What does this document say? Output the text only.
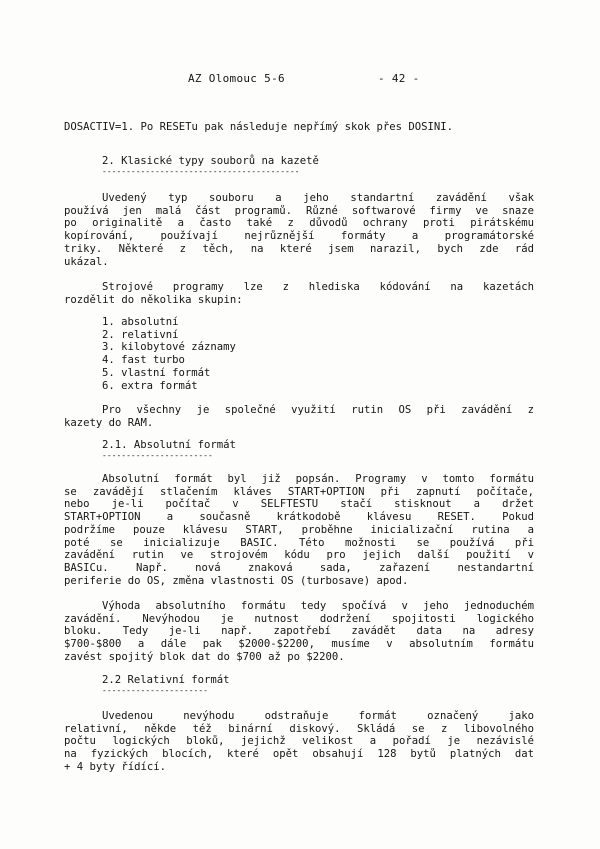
AZ Olomouc 5-6	- 42 -
DOSACTIV=1. Po RESETu pak následuje nepřímý skok přes DOSINI.
2. Klasické typy souborů na kazetě
-----------------------------------------
Uvedený typ souboru a jeho standartní zavádění však
používá jen malá část programů. Různé softwarové firmy ve snaze
po originalitě a často také z důvodů ochrany proti pirátskému
kopírování, používají nejrůznější formáty a programátorské
triky. Některé z těch, na které jsem narazil, bych zde rád
ukázal.
Strojové programy lze z hlediska kódování na kazetách
rozdělit do několika skupin:
1. absolutní
2. relativní
3. kilobytové záznamy
4. fast turbo
5. vlastní formát
6. extra formát
Pro všechny je společné využití rutin OS při zavádění z
kazety do RAM.
2.1. Absolutní formát
-----------------------
Absolutní formát byl již popsán. Programy v tomto formátu
se zavádějí stlačením kláves START+OPTION při zapnutí počítače,
nebo je-li počítač v SELFTESTU stačí stisknout a držet
START+OPTION a současně krátkodobě klávesu RESET. Pokud
podržíme pouze klávesu START, proběhne inicializační rutina a
poté se inicializuje BASIC. Této možnosti se používá při
zavádění rutin ve strojovém kódu pro jejich další použití v
BASICu. Např. nová znaková sada, zařazení nestandartní
periferie do OS, změna vlastnosti OS (turbosave) apod.
Výhoda absolutního formátu tedy spočívá v jeho jednoduchém
zavádění. Nevýhodou je nutnost dodržení spojitosti logického
bloku. Tedy je-li např. zapotřebí zavádět data na adresy
$700-$800 a dále pak $2000-$2200, musíme v absolutním formátu
zavést spojitý blok dat do $700 až po $2200.
2.2 Relativní formát
----------------------
Uvedenou nevýhodu odstraňuje formát označený jako
relativní, někde též binární diskový. Skládá se z libovolného
počtu logických bloků, jejichž velikost a pořadí je nezávislé
na fyzických blocích, které opět obsahují 128 bytů platných dat
+ 4 byty řídící.
